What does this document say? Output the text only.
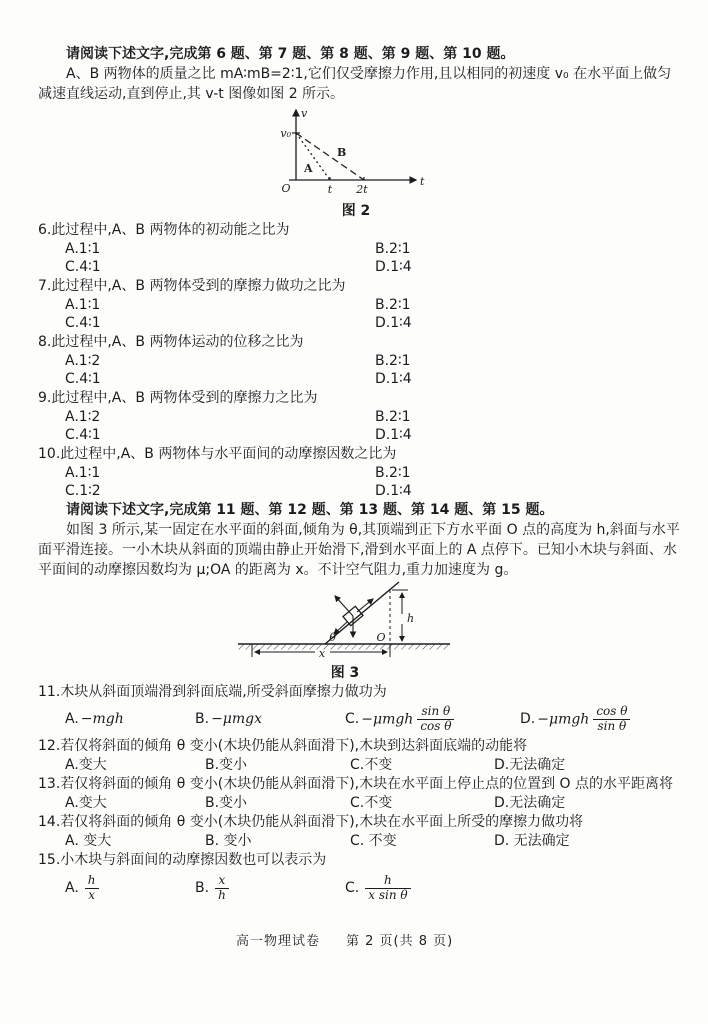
请阅读下述文字,完成第 6 题、第 7 题、第 8 题、第 9 题、第 10 题。
A、B 两物体的质量之比 mA∶mB=2∶1,它们仅受摩擦力作用,且以相同的初速度 v₀ 在水平面上做匀减速直线运动,直到停止,其 v-t 图像如图 2 所示。
v
v₀
O	t 2t
t
A
B
图 2
6.此过程中,A、B 两物体的初动能之比为
A.1∶1	B.2∶1
C.4∶1	D.1∶4
7.此过程中,A、B 两物体受到的摩擦力做功之比为
A.1∶1	B.2∶1
C.4∶1	D.1∶4
8.此过程中,A、B 两物体运动的位移之比为
A.1∶2	B.2∶1
C.4∶1	D.1∶4
9.此过程中,A、B 两物体受到的摩擦力之比为
A.1∶2	B.2∶1
C.4∶1	D.1∶4
10.此过程中,A、B 两物体与水平面间的动摩擦因数之比为
A.1∶1	B.2∶1
C.1∶2	D.1∶4
请阅读下述文字,完成第 11 题、第 12 题、第 13 题、第 14 题、第 15 题。
如图 3 所示,某一固定在水平面的斜面,倾角为 θ,其顶端到正下方水平面 O 点的高度为 h,斜面与水平面平滑连接。一小木块从斜面的顶端由静止开始滑下,滑到水平面上的 A 点停下。已知小木块与斜面、水平面间的动摩擦因数均为 μ;OA 的距离为 x。不计空气阻力,重力加速度为 g。
θ	O
h
x
图 3
11.木块从斜面顶端滑到斜面底端,所受斜面摩擦力做功为
A. −mgh	B. −μmgx	C. $-\mu mgh \frac{\text{sin θ}}{\text{cos θ}}$	D. $-\mu mgh \frac{\text{cos θ}}{\text{sin θ}}$
12.若仅将斜面的倾角 θ 变小(木块仍能从斜面滑下),木块到达斜面底端的动能将
A.变大	B.变小	C.不变	D.无法确定
13.若仅将斜面的倾角 θ 变小(木块仍能从斜面滑下),木块在水平面上停止点的位置到 O 点的水平距离将
A.变大	B.变小	C.不变	D.无法确定
14.若仅将斜面的倾角 θ 变小(木块仍能从斜面滑下),木块在水平面上所受的摩擦力做功将
A. 变大	B. 变小	C. 不变	D. 无法确定
15.小木块与斜面间的动摩擦因数也可以表示为
A. $\frac{h}{x}$	B. $\frac{x}{h}$	C. $\frac{h}{\text{x sin θ}}$
高一物理试卷 第 2 页(共 8 页)
